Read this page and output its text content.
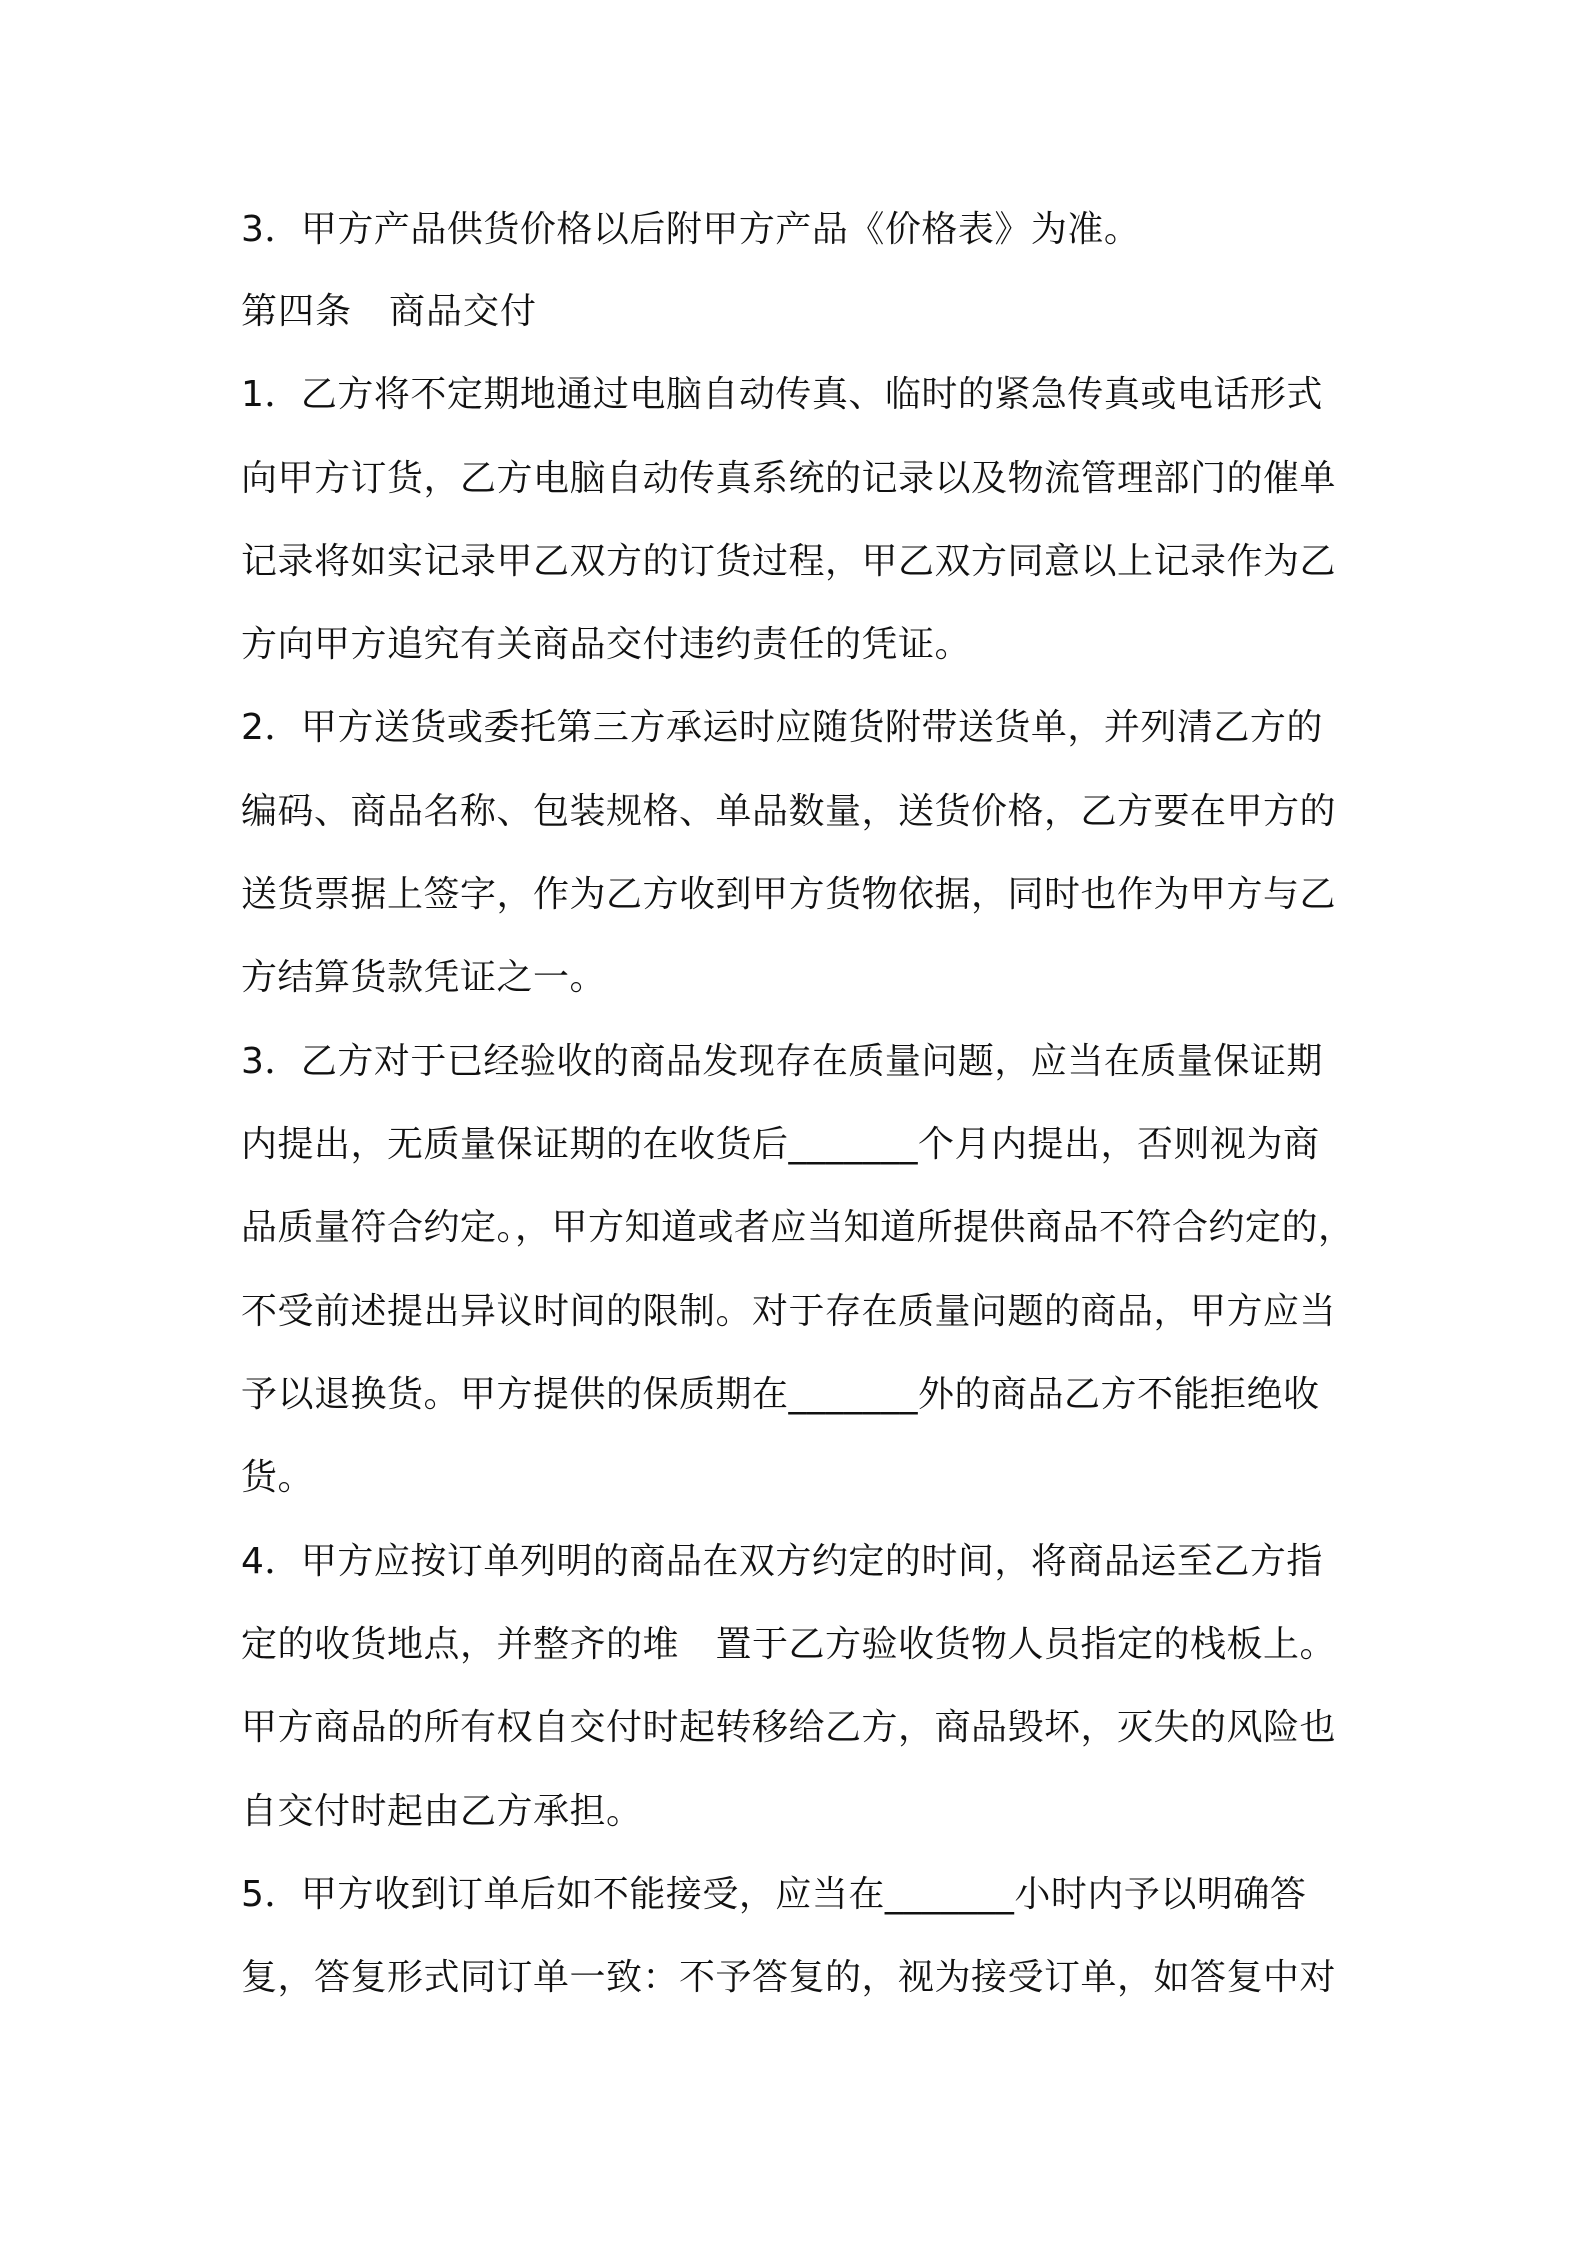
3．甲方产品供货价格以后附甲方产品《价格表》为准。
第四条　商品交付
1．乙方将不定期地通过电脑自动传真、临时的紧急传真或电话形式
向甲方订货，乙方电脑自动传真系统的记录以及物流管理部门的催单
记录将如实记录甲乙双方的订货过程，甲乙双方同意以上记录作为乙
方向甲方追究有关商品交付违约责任的凭证。
2．甲方送货或委托第三方承运时应随货附带送货单，并列清乙方的
编码、商品名称、包装规格、单品数量，送货价格，乙方要在甲方的
送货票据上签字，作为乙方收到甲方货物依据，同时也作为甲方与乙
方结算货款凭证之一。
3．乙方对于已经验收的商品发现存在质量问题，应当在质量保证期
内提出，无质量保证期的在收货后_______个月内提出，否则视为商
品质量符合约定。，甲方知道或者应当知道所提供商品不符合约定的，
不受前述提出异议时间的限制。对于存在质量问题的商品，甲方应当
予以退换货。甲方提供的保质期在_______外的商品乙方不能拒绝收
货。
4．甲方应按订单列明的商品在双方约定的时间，将商品运至乙方指
定的收货地点，并整齐的堆　置于乙方验收货物人员指定的栈板上。
甲方商品的所有权自交付时起转移给乙方，商品毁坏，灭失的风险也
自交付时起由乙方承担。
5．甲方收到订单后如不能接受，应当在_______小时内予以明确答
复，答复形式同订单一致：不予答复的，视为接受订单，如答复中对
